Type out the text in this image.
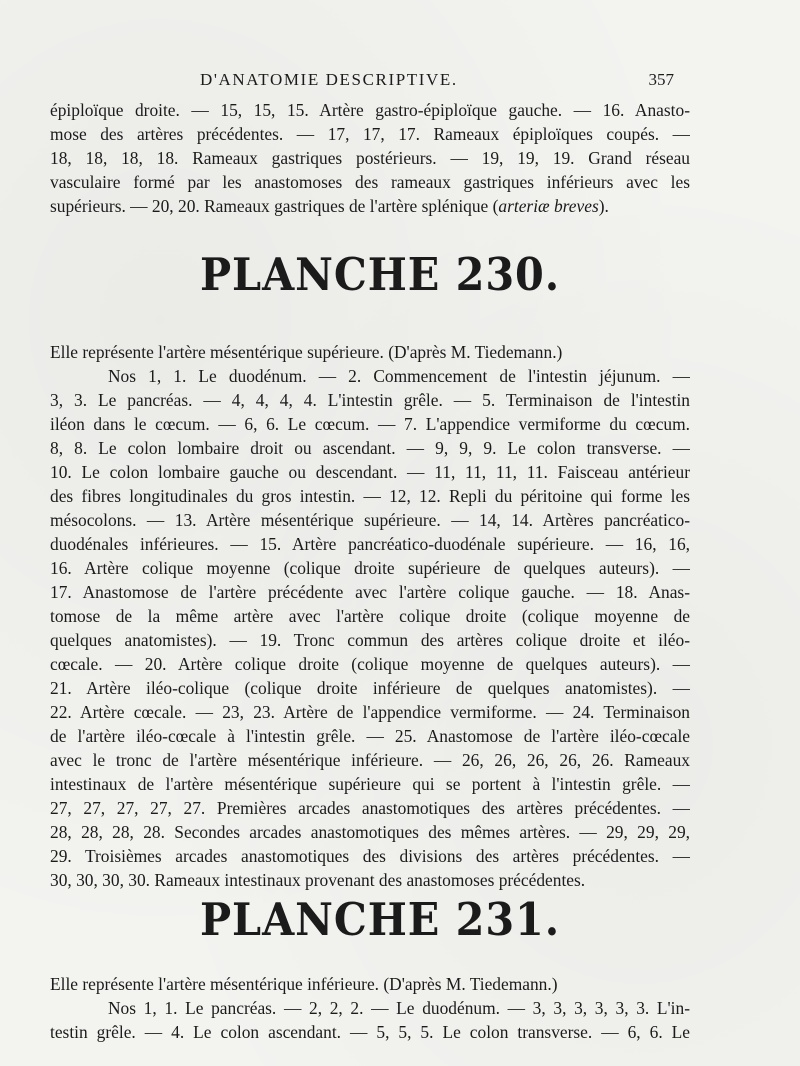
D'ANATOMIE DESCRIPTIVE.	357
épiploïque droite. — 15, 15, 15. Artère gastro-épiploïque gauche. — 16. Anasto-
mose des artères précédentes. — 17, 17, 17. Rameaux épiploïques coupés. —
18, 18, 18, 18. Rameaux gastriques postérieurs. — 19, 19, 19. Grand réseau
vasculaire formé par les anastomoses des rameaux gastriques inférieurs avec les
supérieurs. — 20, 20. Rameaux gastriques de l'artère splénique (arteriæ breves).
PLANCHE 230.
Elle représente l'artère mésentérique supérieure. (D'après M. Tiedemann.)
Nos 1, 1. Le duodénum. — 2. Commencement de l'intestin jéjunum. —
3, 3. Le pancréas. — 4, 4, 4, 4. L'intestin grêle. — 5. Terminaison de l'intestin
iléon dans le cœcum. — 6, 6. Le cœcum. — 7. L'appendice vermiforme du cœcum.
8, 8. Le colon lombaire droit ou ascendant. — 9, 9, 9. Le colon transverse. —
10. Le colon lombaire gauche ou descendant. — 11, 11, 11, 11. Faisceau antérieur
des fibres longitudinales du gros intestin. — 12, 12. Repli du péritoine qui forme les
mésocolons. — 13. Artère mésentérique supérieure. — 14, 14. Artères pancréatico-
duodénales inférieures. — 15. Artère pancréatico-duodénale supérieure. — 16, 16,
16. Artère colique moyenne (colique droite supérieure de quelques auteurs). —
17. Anastomose de l'artère précédente avec l'artère colique gauche. — 18. Anas-
tomose de la même artère avec l'artère colique droite (colique moyenne de
quelques anatomistes). — 19. Tronc commun des artères colique droite et iléo-
cœcale. — 20. Artère colique droite (colique moyenne de quelques auteurs). —
21. Artère iléo-colique (colique droite inférieure de quelques anatomistes). —
22. Artère cœcale. — 23, 23. Artère de l'appendice vermiforme. — 24. Terminaison
de l'artère iléo-cœcale à l'intestin grêle. — 25. Anastomose de l'artère iléo-cœcale
avec le tronc de l'artère mésentérique inférieure. — 26, 26, 26, 26, 26. Rameaux
intestinaux de l'artère mésentérique supérieure qui se portent à l'intestin grêle. —
27, 27, 27, 27, 27. Premières arcades anastomotiques des artères précédentes. —
28, 28, 28, 28. Secondes arcades anastomotiques des mêmes artères. — 29, 29, 29,
29. Troisièmes arcades anastomotiques des divisions des artères précédentes. —
30, 30, 30, 30. Rameaux intestinaux provenant des anastomoses précédentes.
PLANCHE 231.
Elle représente l'artère mésentérique inférieure. (D'après M. Tiedemann.)
Nos 1, 1. Le pancréas. — 2, 2, 2. — Le duodénum. — 3, 3, 3, 3, 3, 3. L'in-
testin grêle. — 4. Le colon ascendant. — 5, 5, 5. Le colon transverse. — 6, 6. Le
